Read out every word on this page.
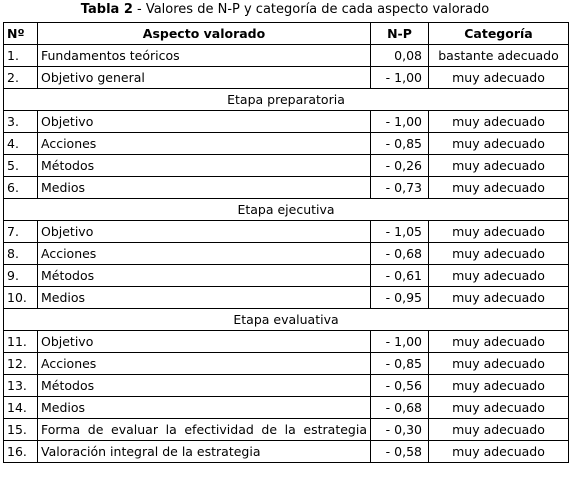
Tabla 2 - Valores de N-P y categoría de cada aspecto valorado
Nº	Aspecto valorado	N-P	Categoría
1.	Fundamentos teóricos	0,08	bastante adecuado
2.	Objetivo general	- 1,00	muy adecuado
Etapa preparatoria			
3.	Objetivo	- 1,00	muy adecuado
4.	Acciones	- 0,85	muy adecuado
5.	Métodos	- 0,26	muy adecuado
6.	Medios	- 0,73	muy adecuado
Etapa ejecutiva			
7.	Objetivo	- 1,05	muy adecuado
8.	Acciones	- 0,68	muy adecuado
9.	Métodos	- 0,61	muy adecuado
10.	Medios	- 0,95	muy adecuado
Etapa evaluativa			
11.	Objetivo	- 1,00	muy adecuado
12.	Acciones	- 0,85	muy adecuado
13.	Métodos	- 0,56	muy adecuado
14.	Medios	- 0,68	muy adecuado
15.	Forma de evaluar la efectividad de la estrategia	- 0,30	muy adecuado
16.	Valoración integral de la estrategia	- 0,58	muy adecuado
